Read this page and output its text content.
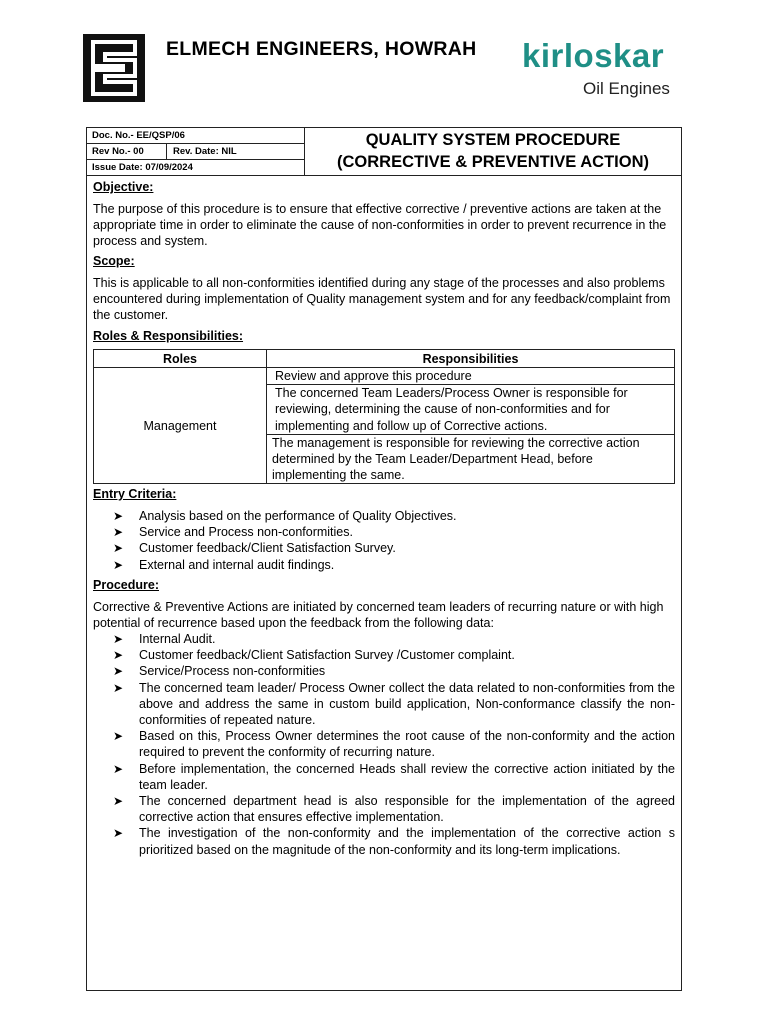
ELMECH ENGINEERS, HOWRAH kirloskar
Oil Engines
Doc. No.- EE/QSP/06
Rev No.- 00	Rev. Date: NIL
Issue Date: 07/09/2024
QUALITY SYSTEM PROCEDURE
(CORRECTIVE & PREVENTIVE ACTION)
Objective:
The purpose of this procedure is to ensure that effective corrective / preventive actions are taken at the appropriate time in order to eliminate the cause of non-conformities in order to prevent recurrence in the process and system.
Scope:
This is applicable to all non-conformities identified during any stage of the processes and also problems encountered during implementation of Quality management system and for any feedback/complaint from the customer.
Roles & Responsibilities:
Roles	Responsibilities
Management	Review and approve this procedure
	The concerned Team Leaders/Process Owner is responsible for reviewing, determining the cause of non-conformities and for implementing and follow up of Corrective actions.
	The management is responsible for reviewing the corrective action determined by the Team Leader/Department Head, before implementing the same.
Entry Criteria:
➤ Analysis based on the performance of Quality Objectives.
➤ Service and Process non-conformities.
➤ Customer feedback/Client Satisfaction Survey.
➤ External and internal audit findings.
Procedure:
Corrective & Preventive Actions are initiated by concerned team leaders of recurring nature or with high potential of recurrence based upon the feedback from the following data:
➤ Internal Audit.
➤ Customer feedback/Client Satisfaction Survey /Customer complaint.
➤ Service/Process non-conformities
➤ The concerned team leader/ Process Owner collect the data related to non-conformities from the above and address the same in custom build application, Non-conformance classify the non-conformities of repeated nature.
➤ Based on this, Process Owner determines the root cause of the non-conformity and the action required to prevent the conformity of recurring nature.
➤ Before implementation, the concerned Heads shall review the corrective action initiated by the team leader.
➤ The concerned department head is also responsible for the implementation of the agreed corrective action that ensures effective implementation.
➤ The investigation of the non-conformity and the implementation of the corrective action s prioritized based on the magnitude of the non-conformity and its long-term implications.
